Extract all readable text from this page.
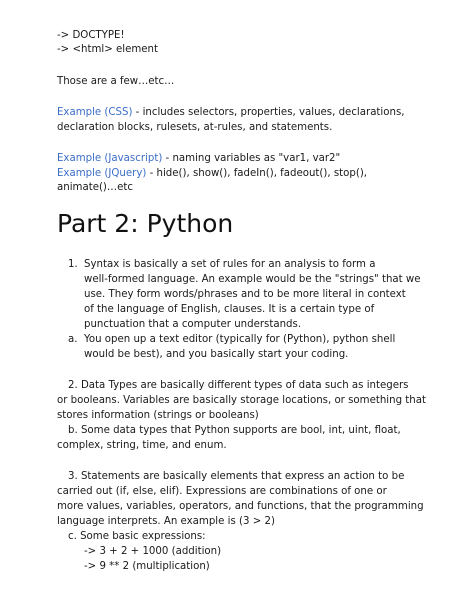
-> DOCTYPE!
-> <html> element
Those are a few…etc…
Example (CSS) - includes selectors, properties, values, declarations,
declaration blocks, rulesets, at-rules, and statements.
Example (Javascript) - naming variables as "var1, var2"
Example (JQuery) - hide(), show(), fadeIn(), fadeout(), stop(),
animate()…etc
Part 2: Python
1. Syntax is basically a set of rules for an analysis to form a
well-formed language. An example would be the "strings" that we
use. They form words/phrases and to be more literal in context
of the language of English, clauses. It is a certain type of
punctuation that a computer understands.
a. You open up a text editor (typically for (Python), python shell
would be best), and you basically start your coding.
2. Data Types are basically different types of data such as integers
or booleans. Variables are basically storage locations, or something that
stores information (strings or booleans)
b. Some data types that Python supports are bool, int, uint, float,
complex, string, time, and enum.
3. Statements are basically elements that express an action to be
carried out (if, else, elif). Expressions are combinations of one or
more values, variables, operators, and functions, that the programming
language interprets. An example is (3 > 2)
c. Some basic expressions:
-> 3 + 2 + 1000 (addition)
-> 9 ** 2 (multiplication)
